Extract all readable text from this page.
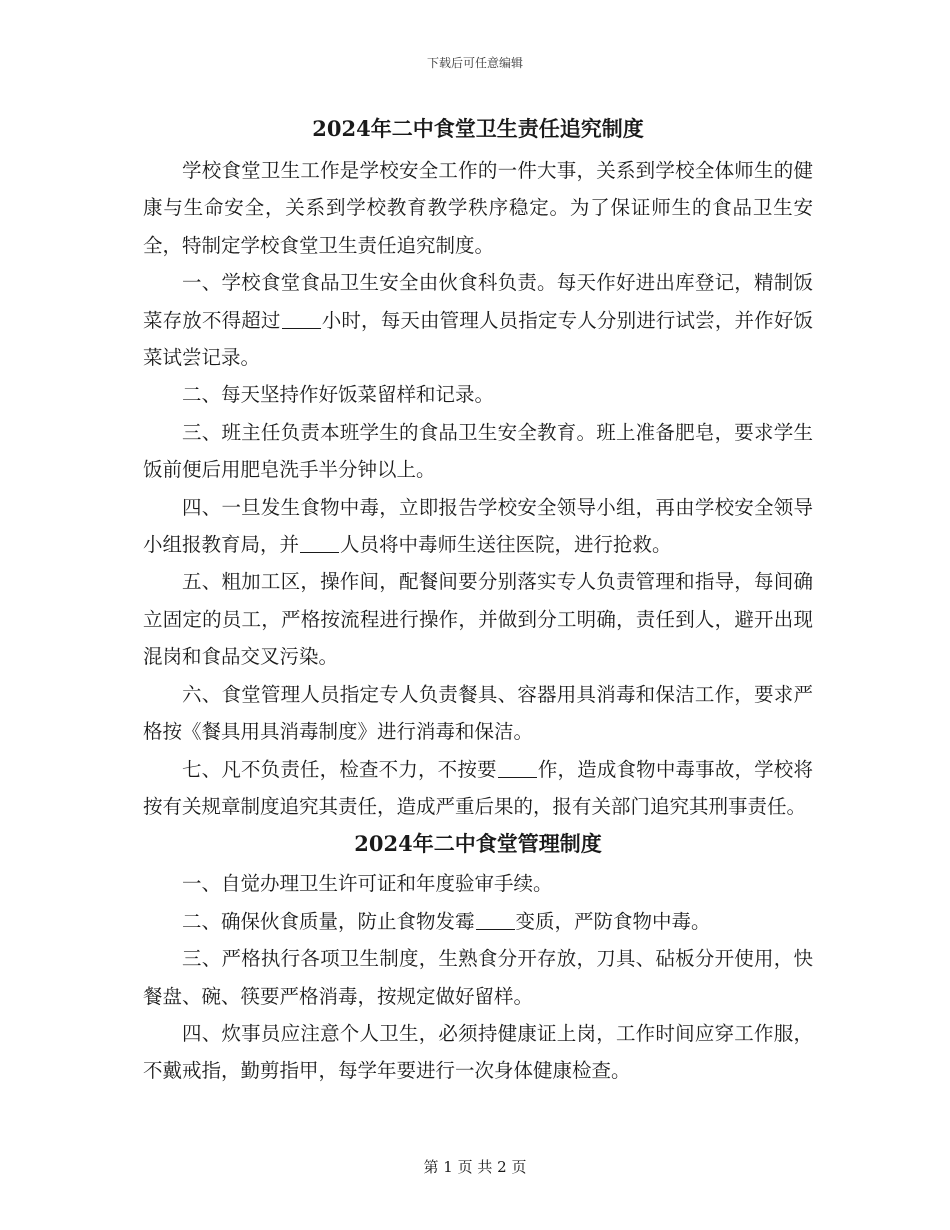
下载后可任意编辑
2024年二中食堂卫生责任追究制度

学校食堂卫生工作是学校安全工作的一件大事，关系到学校全体师生的健康与生命安全，关系到学校教育教学秩序稳定。为了保证师生的食品卫生安全，特制定学校食堂卫生责任追究制度。

一、学校食堂食品卫生安全由伙食科负责。每天作好进出库登记，精制饭菜存放不得超过 小时，每天由管理人员指定专人分别进行试尝，并作好饭菜试尝记录。

二、每天坚持作好饭菜留样和记录。

三、班主任负责本班学生的食品卫生安全教育。班上准备肥皂，要求学生饭前便后用肥皂洗手半分钟以上。

四、一旦发生食物中毒，立即报告学校安全领导小组，再由学校安全领导小组报教育局，并 人员将中毒师生送往医院，进行抢救。

五、粗加工区，操作间，配餐间要分别落实专人负责管理和指导，每间确立固定的员工，严格按流程进行操作，并做到分工明确，责任到人，避开出现混岗和食品交叉污染。

六、食堂管理人员指定专人负责餐具、容器用具消毒和保洁工作，要求严格按《餐具用具消毒制度》进行消毒和保洁。

七、凡不负责任，检查不力，不按要 作，造成食物中毒事故，学校将按有关规章制度追究其责任，造成严重后果的，报有关部门追究其刑事责任。

2024年二中食堂管理制度

一、自觉办理卫生许可证和年度验审手续。

二、确保伙食质量，防止食物发霉 变质，严防食物中毒。

三、严格执行各项卫生制度，生熟食分开存放，刀具、砧板分开使用，快餐盘、碗、筷要严格消毒，按规定做好留样。

四、炊事员应注意个人卫生，必须持健康证上岗，工作时间应穿工作服，不戴戒指，勤剪指甲，每学年要进行一次身体健康检查。

第 1 页 共 2 页
